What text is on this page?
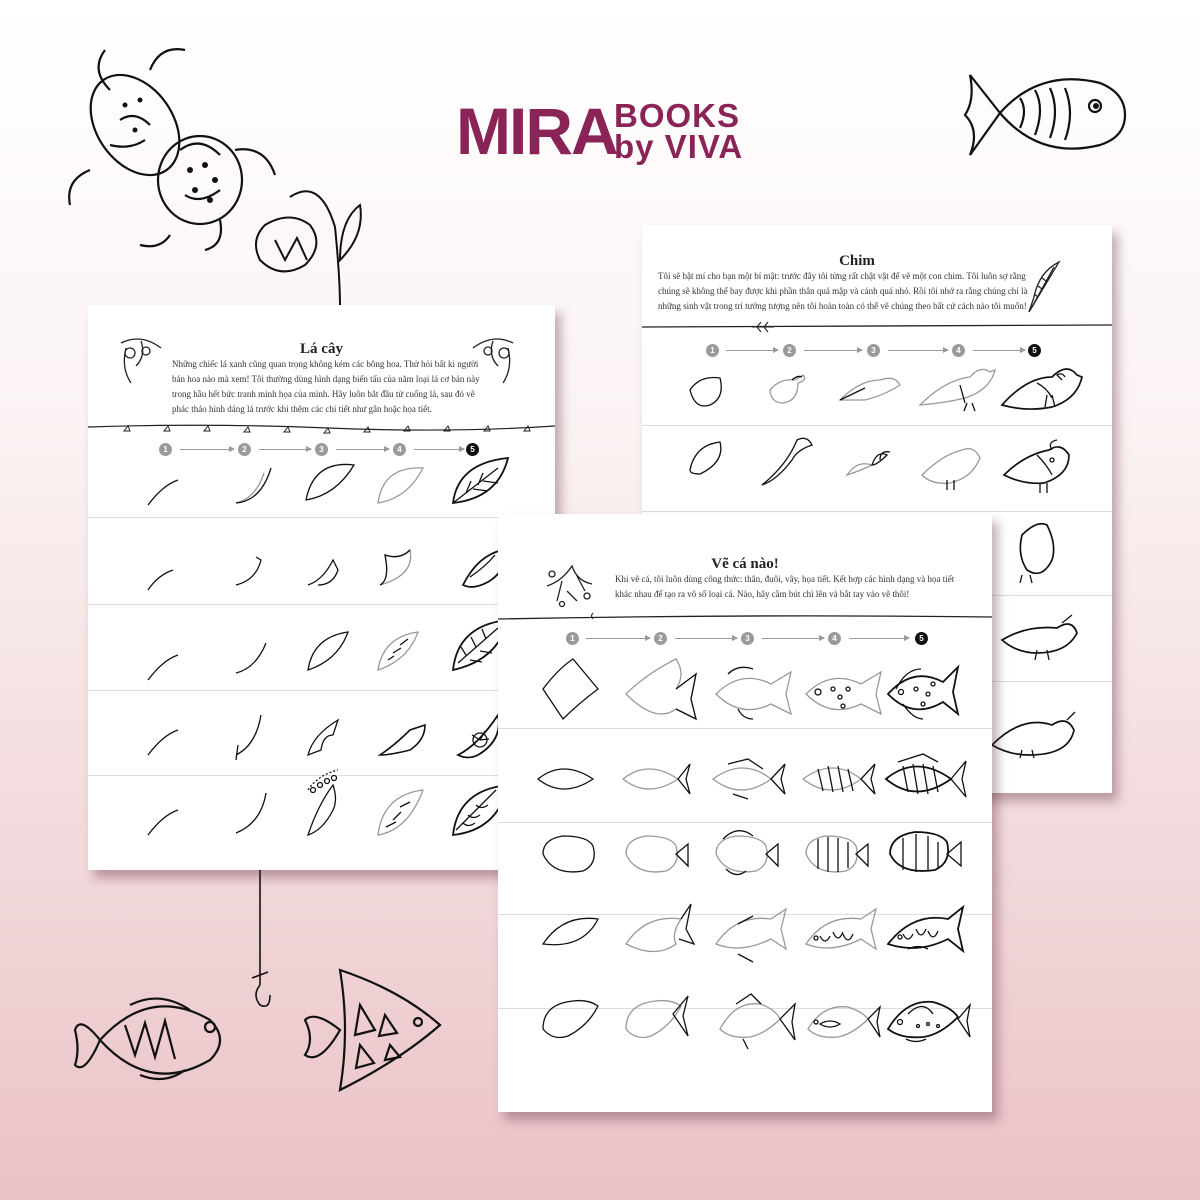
MIRA
BOOKS
by VIVA
Lá cây

Những chiếc lá xanh cũng quan trọng không kém các bông hoa. Thử hỏi bất kì người bán hoa nào mà xem! Tôi thường dùng hình dạng biến tấu của năm loại lá cơ bản này trong hầu hết bức tranh minh họa của mình. Hãy luôn bắt đầu từ cuống lá, sau đó vẽ phác thảo hình dáng lá trước khi thêm các chi tiết như gân hoặc họa tiết.

1	2	3	4	5
Chim

Tôi sẽ bật mí cho bạn một bí mật: trước đây tôi từng rất chật vật để vẽ một con chim. Tôi luôn sợ rằng chúng sẽ không thể bay được khi phần thân quá mập và cánh quá nhỏ. Rồi tôi nhớ ra rằng chúng chỉ là những sinh vật trong trí tưởng tượng nên tôi hoàn toàn có thể vẽ chúng theo bất cứ cách nào tôi muốn!

1	2	3	4	5
Vẽ cá nào!

Khi vẽ cá, tôi luôn dùng công thức: thân, đuôi, vây, họa tiết. Kết hợp các hình dạng và họa tiết khác nhau để tạo ra vô số loại cá. Nào, hãy cầm bút chì lên và bắt tay vào vẽ thôi!

1	2	3	4	5
